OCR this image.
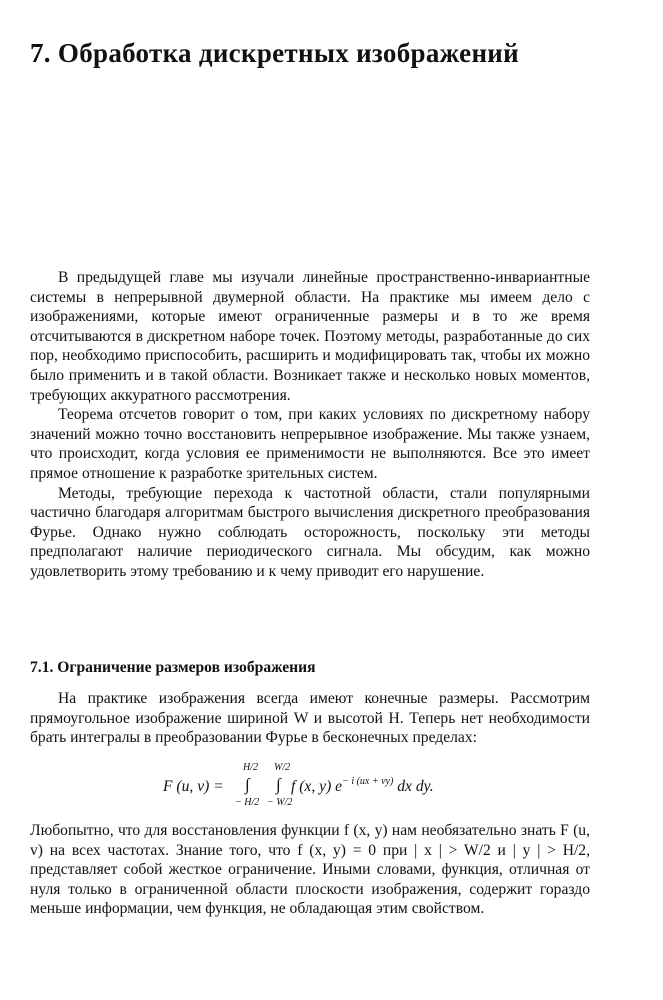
7. Обработка дискретных изображений

В предыдущей главе мы изучали линейные пространственно-инвариантные системы в непрерывной двумерной области. На практике мы имеем дело с изображениями, которые имеют ограниченные размеры и в то же время отсчитываются в дискретном наборе точек. Поэтому методы, разработанные до сих пор, необходимо приспособить, расширить и модифицировать так, чтобы их можно было применить и в такой области. Возникает также и несколько новых моментов, требующих аккуратного рассмотрения.

Теорема отсчетов говорит о том, при каких условиях по дискретному набору значений можно точно восстановить непрерывное изображение. Мы также узнаем, что происходит, когда условия ее применимости не выполняются. Все это имеет прямое отношение к разработке зрительных систем.

Методы, требующие перехода к частотной области, стали популярными частично благодаря алгоритмам быстрого вычисления дискретного преобразования Фурье. Однако нужно соблюдать осторожность, поскольку эти методы предполагают наличие периодического сигнала. Мы обсудим, как можно удовлетворить этому требованию и к чему приводит его нарушение.

7.1. Ограничение размеров изображения

На практике изображения всегда имеют конечные размеры. Рассмотрим прямоугольное изображение шириной W и высотой H. Теперь нет необходимости брать интегралы в преобразовании Фурье в бесконечных пределах:

F (u, v) =
H/2 W/2
∫ ∫
− H/2 − W/2
f (x, y) $e^{- i (ux + vy)}$ dx dy.

Любопытно, что для восстановления функции f (x, y) нам необязательно знать F (u, v) на всех частотах. Знание того, что f (x, y) = 0 при | x | > W/2 и | y | > H/2, представляет собой жесткое ограничение. Иными словами, функция, отличная от нуля только в ограниченной области плоскости изображения, содержит гораздо меньше информации, чем функция, не обладающая этим свойством.
